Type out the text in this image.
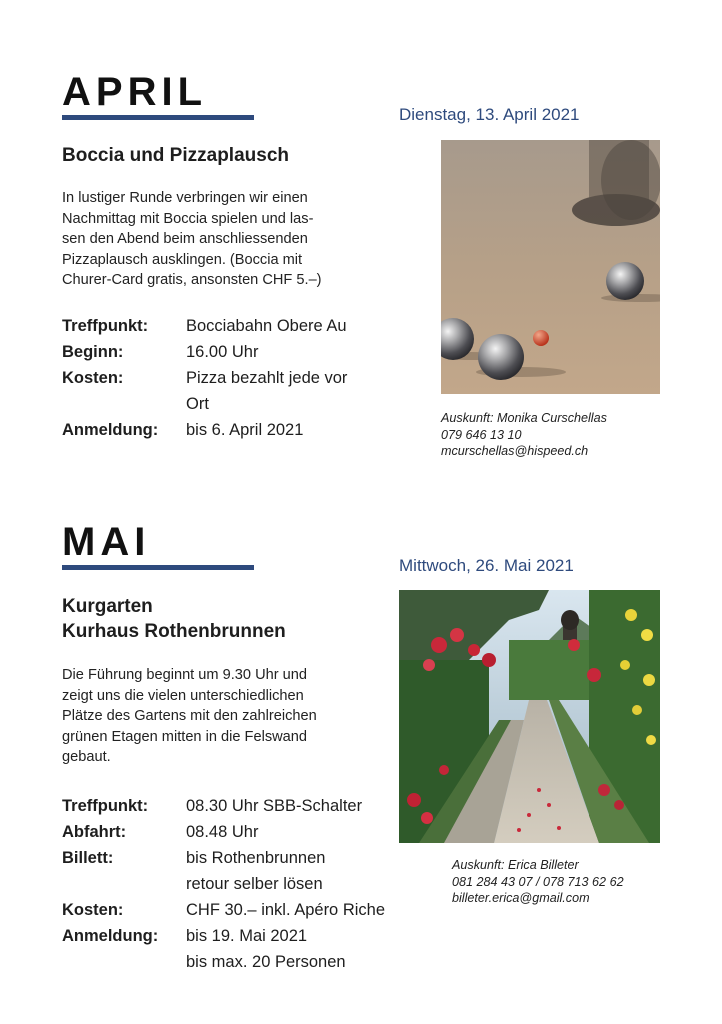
APRIL
Dienstag, 13. April 2021
Boccia und Pizzaplausch
In lustiger Runde verbringen wir einen
Nachmittag mit Boccia spielen und las-
sen den Abend beim anschliessenden
Pizzaplausch ausklingen. (Boccia mit
Churer-Card gratis, ansonsten CHF 5.–)
Treffpunkt:	Bocciabahn Obere Au
Beginn:	16.00 Uhr
Kosten:	Pizza bezahlt jede vor
Ort
Anmeldung:	bis 6. April 2021
Auskunft: Monika Curschellas
079 646 13 10
mcurschellas@hispeed.ch
MAI
Mittwoch, 26. Mai 2021
Kurgarten
Kurhaus Rothenbrunnen
Die Führung beginnt um 9.30 Uhr und
zeigt uns die vielen unterschiedlichen
Plätze des Gartens mit den zahlreichen
grünen Etagen mitten in die Felswand
gebaut.
Treffpunkt:	08.30 Uhr SBB-Schalter
Abfahrt:	08.48 Uhr
Billett:	bis Rothenbrunnen
retour selber lösen
Kosten:	CHF 30.– inkl. Apéro Riche
Anmeldung:	bis 19. Mai 2021
bis max. 20 Personen
Auskunft: Erica Billeter
081 284 43 07 / 078 713 62 62
billeter.erica@gmail.com
